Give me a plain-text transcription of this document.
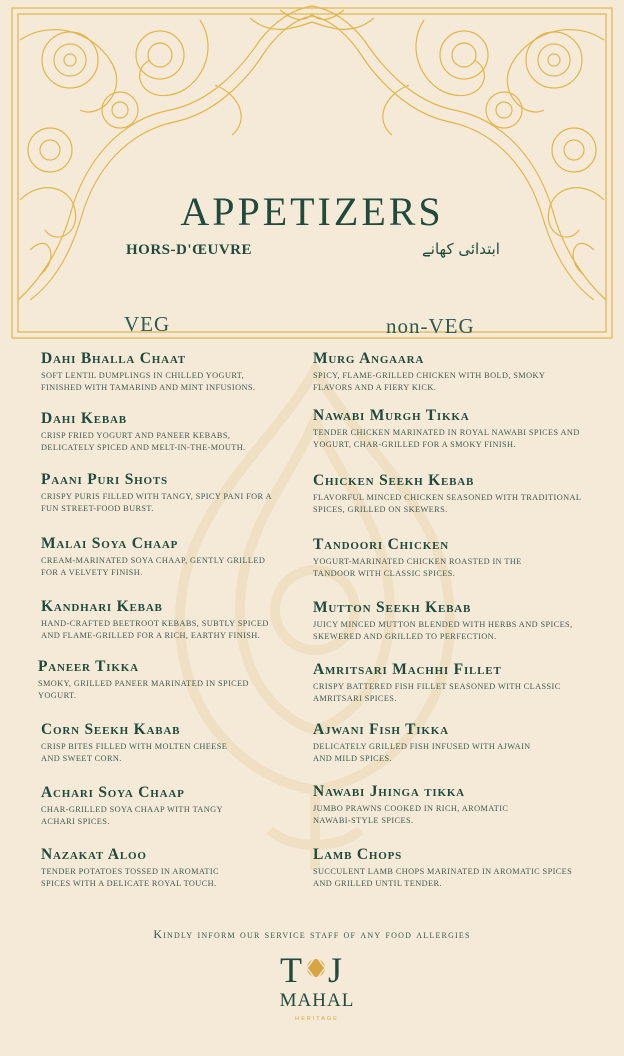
APPETIZERS
HORS-D'ŒUVRE	ابتدائی کھانے
VEG	non-VEG
Dahi Bhalla Chaat
SOFT LENTIL DUMPLINGS IN CHILLED YOGURT,
FINISHED WITH TAMARIND AND MINT INFUSIONS.
Dahi Kebab
CRISP FRIED YOGURT AND PANEER KEBABS,
DELICATELY SPICED AND MELT-IN-THE-MOUTH.
Paani Puri Shots
CRISPY PURIS FILLED WITH TANGY, SPICY PANI FOR A
FUN STREET-FOOD BURST.
Malai Soya Chaap
CREAM-MARINATED SOYA CHAAP, GENTLY GRILLED
FOR A VELVETY FINISH.
Kandhari Kebab
HAND-CRAFTED BEETROOT KEBABS, SUBTLY SPICED
AND FLAME-GRILLED FOR A RICH, EARTHY FINISH.
Paneer Tikka
SMOKY, GRILLED PANEER MARINATED IN SPICED
YOGURT.
Corn Seekh Kabab
CRISP BITES FILLED WITH MOLTEN CHEESE
AND SWEET CORN.
Achari Soya Chaap
CHAR-GRILLED SOYA CHAAP WITH TANGY
ACHARI SPICES.
Nazakat Aloo
TENDER POTATOES TOSSED IN AROMATIC
SPICES WITH A DELICATE ROYAL TOUCH.
Murg Angaara
SPICY, FLAME-GRILLED CHICKEN WITH BOLD, SMOKY
FLAVORS AND A FIERY KICK.
Nawabi Murgh Tikka
TENDER CHICKEN MARINATED IN ROYAL NAWABI SPICES AND
YOGURT, CHAR-GRILLED FOR A SMOKY FINISH.
Chicken Seekh Kebab
FLAVORFUL MINCED CHICKEN SEASONED WITH TRADITIONAL
SPICES, GRILLED ON SKEWERS.
Tandoori Chicken
YOGURT-MARINATED CHICKEN ROASTED IN THE
TANDOOR WITH CLASSIC SPICES.
Mutton Seekh Kebab
JUICY MINCED MUTTON BLENDED WITH HERBS AND SPICES,
SKEWERED AND GRILLED TO PERFECTION.
Amritsari Machhi Fillet
CRISPY BATTERED FISH FILLET SEASONED WITH CLASSIC
AMRITSARI SPICES.
Ajwani Fish Tikka
DELICATELY GRILLED FISH INFUSED WITH AJWAIN
AND MILD SPICES.
Nawabi Jhinga tikka
JUMBO PRAWNS COOKED IN RICH, AROMATIC
NAWABI-STYLE SPICES.
Lamb Chops
SUCCULENT LAMB CHOPS MARINATED IN AROMATIC SPICES
AND GRILLED UNTIL TENDER.
Kindly inform our service staff of any food allergies
T J
MAHAL
HERITAGE
